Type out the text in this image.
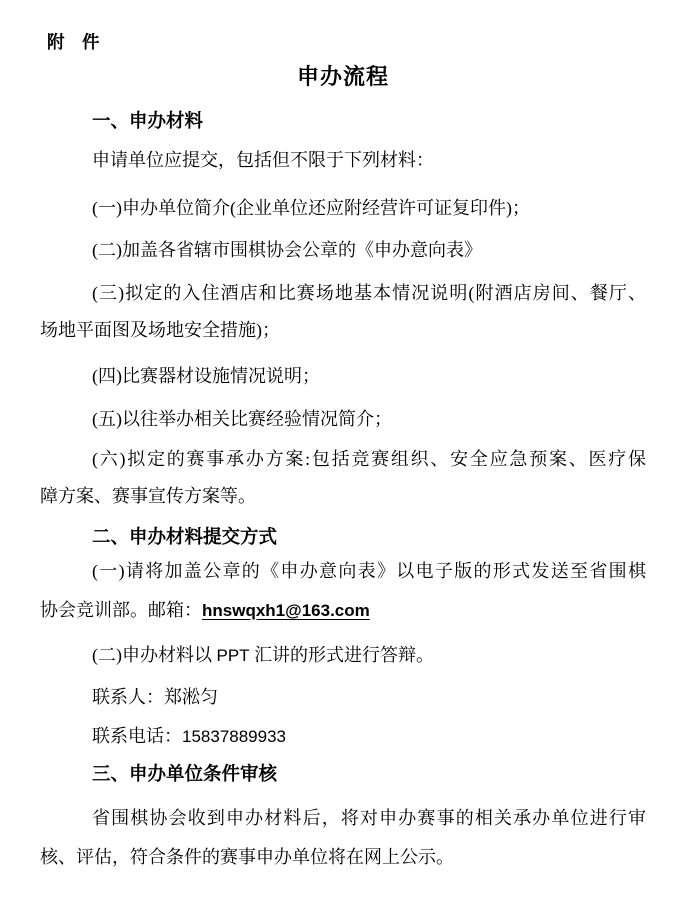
附　件
申办流程
一、申办材料
申请单位应提交，包括但不限于下列材料：
(一)申办单位简介(企业单位还应附经营许可证复印件)；
(二)加盖各省辖市围棋协会公章的《申办意向表》
(三)拟定的入住酒店和比赛场地基本情况说明(附酒店房间、餐厅、
场地平面图及场地安全措施)；
(四)比赛器材设施情况说明；
(五)以往举办相关比赛经验情况简介；
(六)拟定的赛事承办方案:包括竞赛组织、安全应急预案、医疗保
障方案、赛事宣传方案等。
二、申办材料提交方式
(一)请将加盖公章的《申办意向表》以电子版的形式发送至省围棋
协会竞训部。邮箱：hnswqxh1@163.com
(二)申办材料以 PPT 汇讲的形式进行答辩。
联系人：郑淞匀
联系电话：15837889933
三、申办单位条件审核
省围棋协会收到申办材料后，将对申办赛事的相关承办单位进行审
核、评估，符合条件的赛事申办单位将在网上公示。
